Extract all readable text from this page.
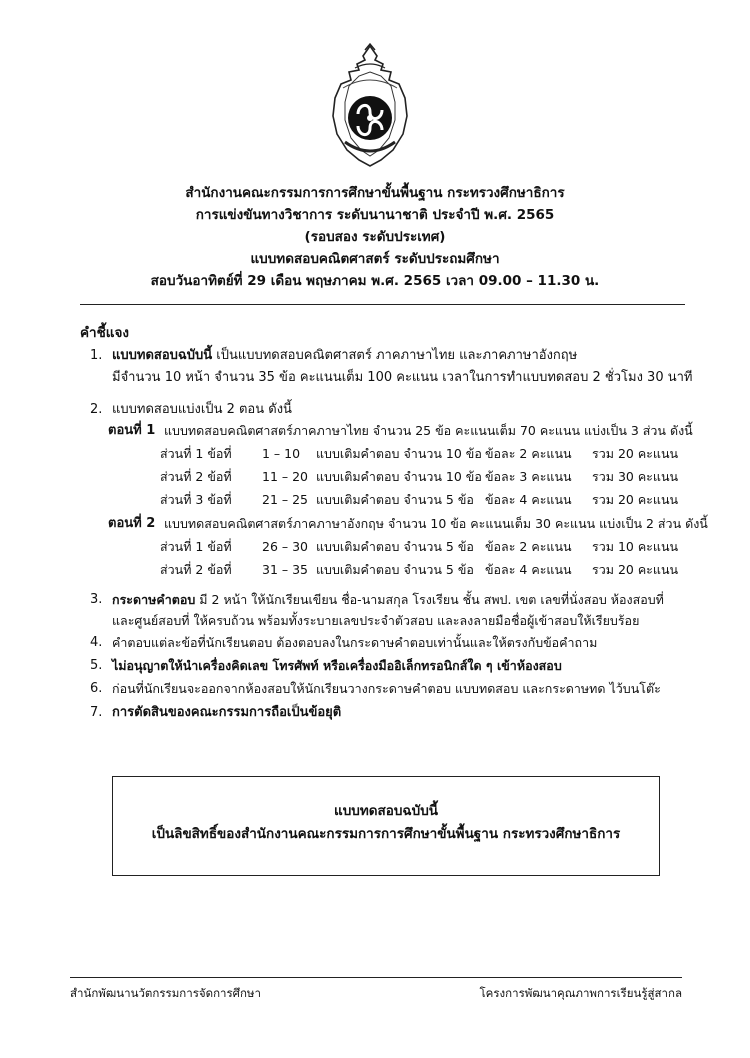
สำนักงานคณะกรรมการการศึกษาขั้นพื้นฐาน กระทรวงศึกษาธิการ
การแข่งขันทางวิชาการ ระดับนานาชาติ ประจำปี พ.ศ. 2565
(รอบสอง ระดับประเทศ)
แบบทดสอบคณิตศาสตร์ ระดับประถมศึกษา
สอบวันอาทิตย์ที่ 29 เดือน พฤษภาคม พ.ศ. 2565 เวลา 09.00 – 11.30 น.
คำชี้แจง
1. แบบทดสอบฉบับนี้ เป็นแบบทดสอบคณิตศาสตร์ ภาคภาษาไทย และภาคภาษาอังกฤษ
มีจำนวน 10 หน้า จำนวน 35 ข้อ คะแนนเต็ม 100 คะแนน เวลาในการทำแบบทดสอบ 2 ชั่วโมง 30 นาที
2. แบบทดสอบแบ่งเป็น 2 ตอน ดังนี้
ตอนที่ 1 แบบทดสอบคณิตศาสตร์ภาคภาษาไทย จำนวน 25 ข้อ คะแนนเต็ม 70 คะแนน แบ่งเป็น 3 ส่วน ดังนี้
ส่วนที่ 1 ข้อที่ 1 – 10 แบบเติมคำตอบ จำนวน 10 ข้อ ข้อละ 2 คะแนน รวม 20 คะแนน
ส่วนที่ 2 ข้อที่ 11 – 20 แบบเติมคำตอบ จำนวน 10 ข้อ ข้อละ 3 คะแนน รวม 30 คะแนน
ส่วนที่ 3 ข้อที่ 21 – 25 แบบเติมคำตอบ จำนวน 5 ข้อ ข้อละ 4 คะแนน รวม 20 คะแนน
ตอนที่ 2 แบบทดสอบคณิตศาสตร์ภาคภาษาอังกฤษ จำนวน 10 ข้อ คะแนนเต็ม 30 คะแนน แบ่งเป็น 2 ส่วน ดังนี้
ส่วนที่ 1 ข้อที่ 26 – 30 แบบเติมคำตอบ จำนวน 5 ข้อ ข้อละ 2 คะแนน รวม 10 คะแนน
ส่วนที่ 2 ข้อที่ 31 – 35 แบบเติมคำตอบ จำนวน 5 ข้อ ข้อละ 4 คะแนน รวม 20 คะแนน
3. กระดาษคำตอบ มี 2 หน้า ให้นักเรียนเขียน ชื่อ-นามสกุล โรงเรียน ชั้น สพป. เขต เลขที่นั่งสอบ ห้องสอบที่
และศูนย์สอบที่ ให้ครบถ้วน พร้อมทั้งระบายเลขประจำตัวสอบ และลงลายมือชื่อผู้เข้าสอบให้เรียบร้อย
4. คำตอบแต่ละข้อที่นักเรียนตอบ ต้องตอบลงในกระดาษคำตอบเท่านั้นและให้ตรงกับข้อคำถาม
5. ไม่อนุญาตให้นำเครื่องคิดเลข โทรศัพท์ หรือเครื่องมืออิเล็กทรอนิกส์ใด ๆ เข้าห้องสอบ
6. ก่อนที่นักเรียนจะออกจากห้องสอบให้นักเรียนวางกระดาษคำตอบ แบบทดสอบ และกระดาษทด ไว้บนโต๊ะ
7. การตัดสินของคณะกรรมการถือเป็นข้อยุติ
แบบทดสอบฉบับนี้
เป็นลิขสิทธิ์ของสำนักงานคณะกรรมการการศึกษาขั้นพื้นฐาน กระทรวงศึกษาธิการ
สำนักพัฒนานวัตกรรมการจัดการศึกษา	โครงการพัฒนาคุณภาพการเรียนรู้สู่สากล
